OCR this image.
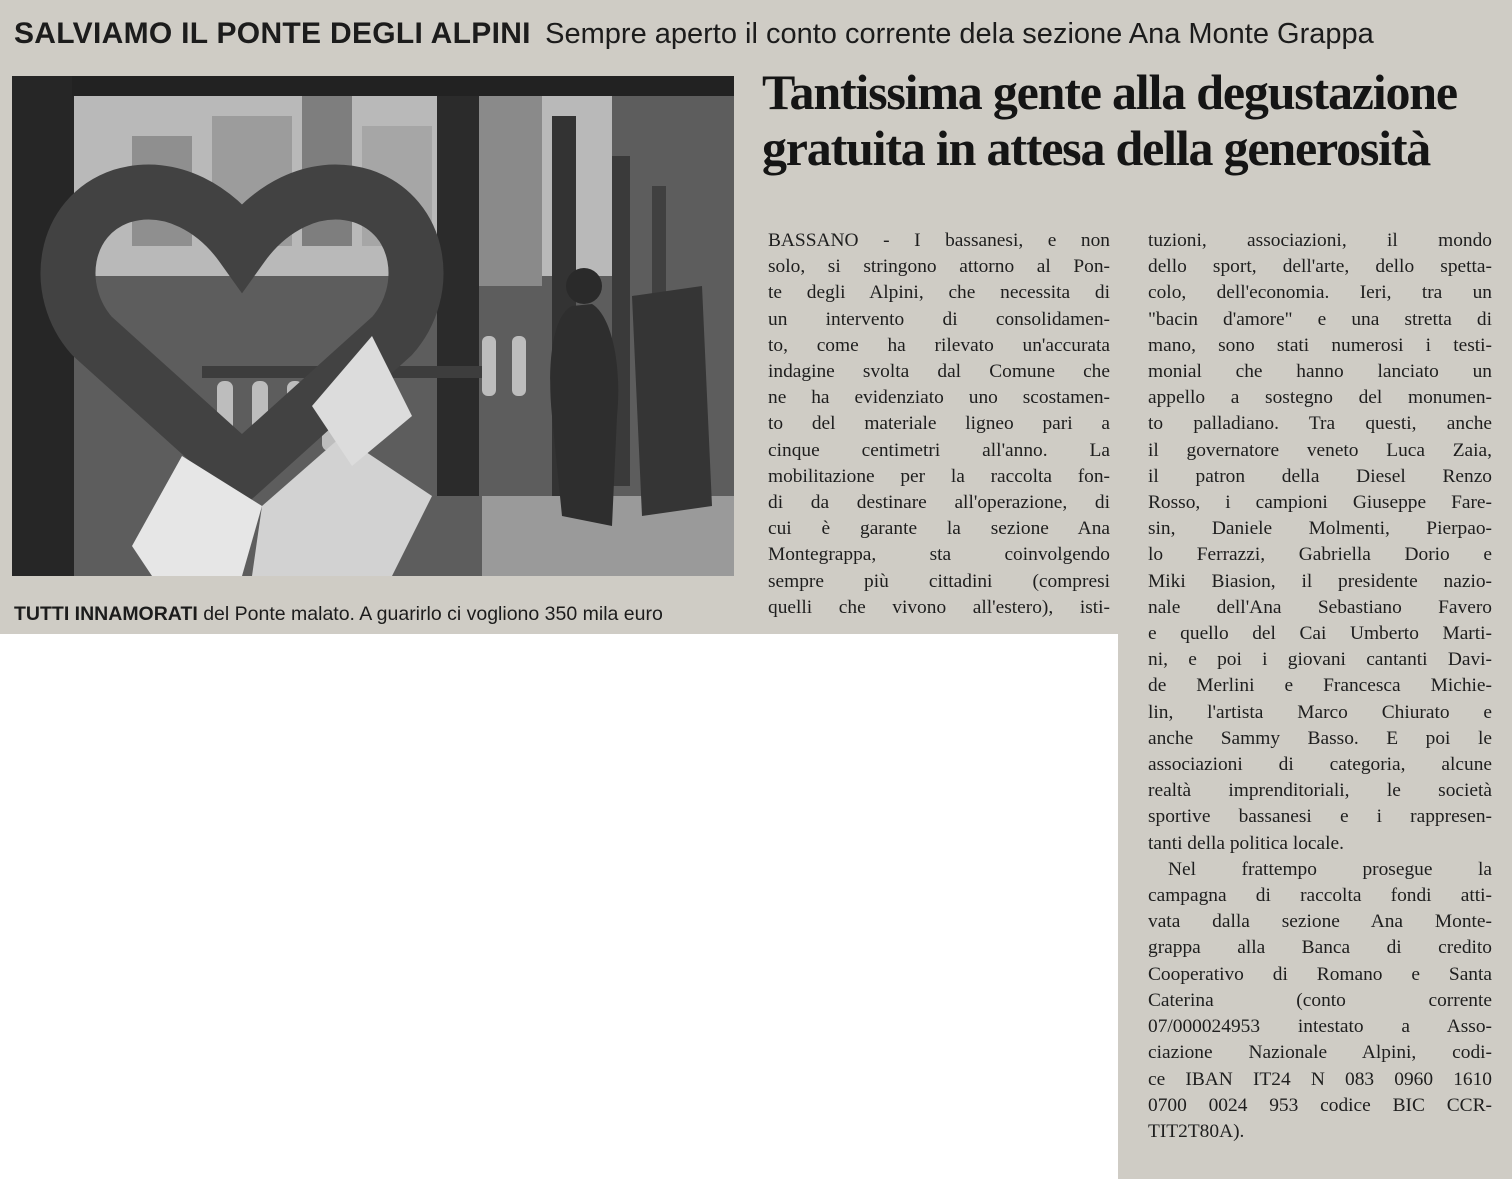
SALVIAMO IL PONTE DEGLI ALPINI Sempre aperto il conto corrente dela sezione Ana Monte Grappa
TUTTI INNAMORATI del Ponte malato. A guarirlo ci vogliono 350 mila euro
Tantissima gente alla degustazione
gratuita in attesa della generosità
BASSANO - I bassanesi, e non
solo, si stringono attorno al Pon-
te degli Alpini, che necessita di
un intervento di consolidamen-
to, come ha rilevato un'accurata
indagine svolta dal Comune che
ne ha evidenziato uno scostamen-
to del materiale ligneo pari a
cinque centimetri all'anno. La
mobilitazione per la raccolta fon-
di da destinare all'operazione, di
cui è garante la sezione Ana
Montegrappa, sta coinvolgendo
sempre più cittadini (compresi
quelli che vivono all'estero), isti-
tuzioni, associazioni, il mondo
dello sport, dell'arte, dello spetta-
colo, dell'economia. Ieri, tra un
"bacin d'amore" e una stretta di
mano, sono stati numerosi i testi-
monial che hanno lanciato un
appello a sostegno del monumen-
to palladiano. Tra questi, anche
il governatore veneto Luca Zaia,
il patron della Diesel Renzo
Rosso, i campioni Giuseppe Fare-
sin, Daniele Molmenti, Pierpao-
lo Ferrazzi, Gabriella Dorio e
Miki Biasion, il presidente nazio-
nale dell'Ana Sebastiano Favero
e quello del Cai Umberto Marti-
ni, e poi i giovani cantanti Davi-
de Merlini e Francesca Michie-
lin, l'artista Marco Chiurato e
anche Sammy Basso. E poi le
associazioni di categoria, alcune
realtà imprenditoriali, le società
sportive bassanesi e i rappresen-
tanti della politica locale.
Nel frattempo prosegue la
campagna di raccolta fondi atti-
vata dalla sezione Ana Monte-
grappa alla Banca di credito
Cooperativo di Romano e Santa
Caterina (conto corrente
07/000024953 intestato a Asso-
ciazione Nazionale Alpini, codi-
ce IBAN IT24 N 083 0960 1610
0700 0024 953 codice BIC CCR-
TIT2T80A).
